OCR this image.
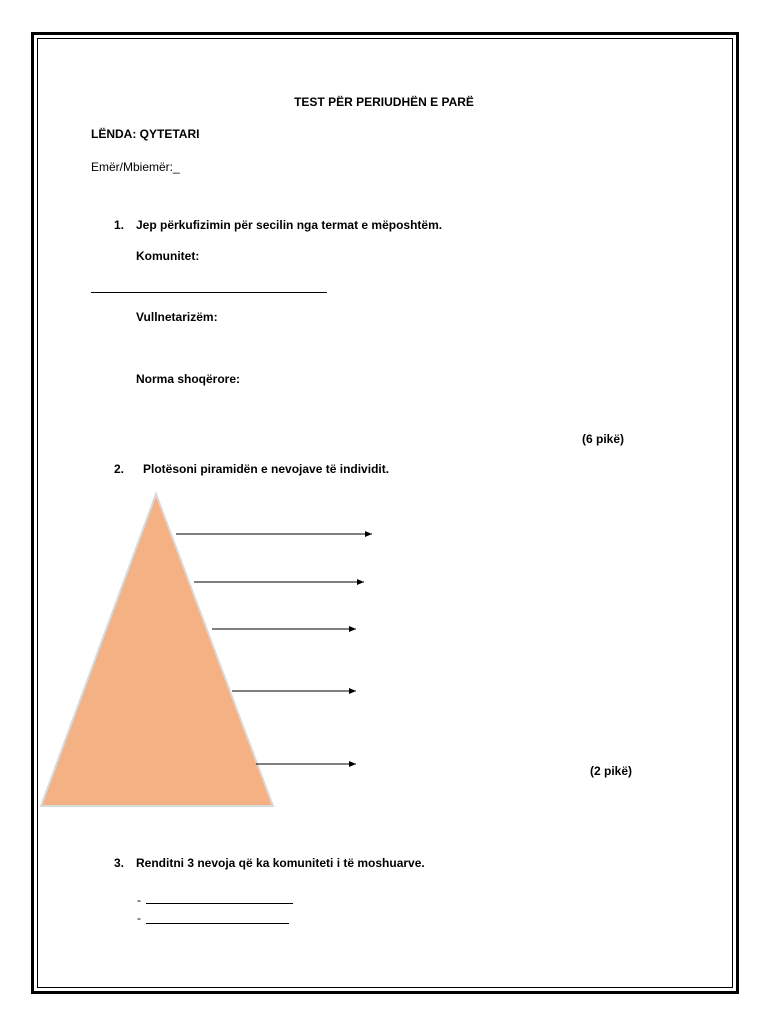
TEST PËR PERIUDHËN E PARË
LËNDA: QYTETARI
Emër/Mbiemër:_
1. Jep përkufizimin për secilin nga termat e mëposhtëm.
Komunitet:
Vullnetarizëm:
Norma shoqërore:
(6 pikë)
2. Plotësoni piramidën e nevojave të individit.
(2 pikë)
3. Renditni 3 nevoja që ka komuniteti i të moshuarve.
-
-
